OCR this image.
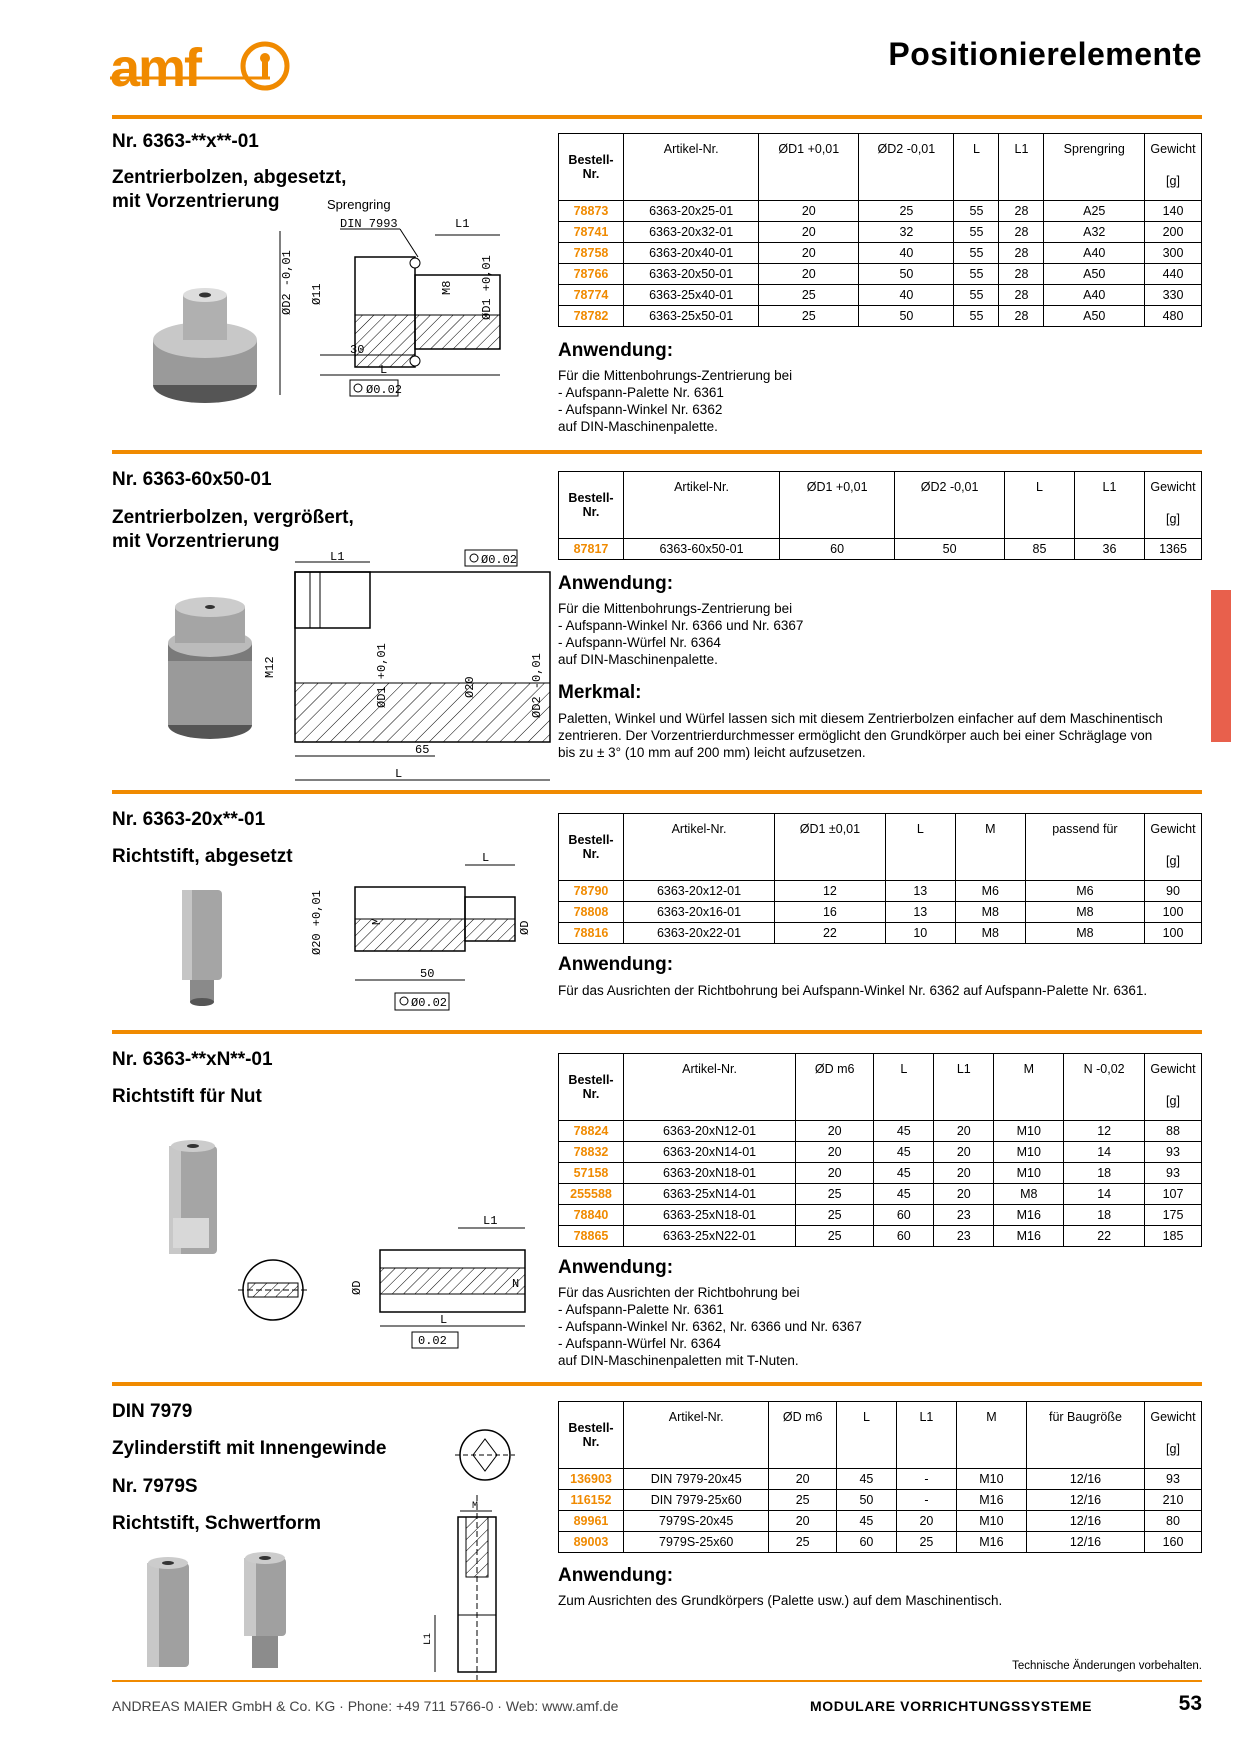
amf	Positionierelemente
Nr. 6363-**x**-01
Zentrierbolzen, abgesetzt,
mit Vorzentrierung	Sprengring
DIN 7993	L1
ØD2 -0,01 Ø11	M8 ØD1 +0,01
30
L
Ø0.02
Bestell-Nr.	Artikel-Nr.	ØD1 +0,01	ØD2 -0,01	L	L1	Sprengring	Gewicht
[g]

78873	6363-20x25-01	20	25	55	28	A25	140
78741	6363-20x32-01	20	32	55	28	A32	200
78758	6363-20x40-01	20	40	55	28	A40	300
78766	6363-20x50-01	20	50	55	28	A50	440
78774	6363-25x40-01	25	40	55	28	A40	330
78782	6363-25x50-01	25	50	55	28	A50	480
Anwendung:
Für die Mittenbohrungs-Zentrierung bei
- Aufspann-Palette Nr. 6361
- Aufspann-Winkel Nr. 6362
auf DIN-Maschinenpalette.
Nr. 6363-60x50-01
Zentrierbolzen, vergrößert,
mit Vorzentrierung
L1	Ø0.02
M12	ØD1 +0,01	Ø20	ØD2 -0,01
65
L
Bestell-Nr.	Artikel-Nr.	ØD1 +0,01	ØD2 -0,01	L	L1	Gewicht
[g]

87817	6363-60x50-01	60	50	85	36	1365
Anwendung:
Für die Mittenbohrungs-Zentrierung bei
- Aufspann-Winkel Nr. 6366 und Nr. 6367
- Aufspann-Würfel Nr. 6364
auf DIN-Maschinenpalette.
Merkmal:
Paletten, Winkel und Würfel lassen sich mit diesem Zentrierbolzen einfacher auf dem Maschinentisch
zentrieren. Der Vorzentrierdurchmesser ermöglicht den Grundkörper auch bei einer Schräglage von
bis zu ± 3° (10 mm auf 200 mm) leicht aufzusetzen.
Nr. 6363-20x**-01
Richtstift, abgesetzt	L
Ø20 +0,01	M	ØD
50
Ø0.02
Bestell-Nr.	Artikel-Nr.	ØD1 ±0,01	L	M	passend für	Gewicht
[g]

78790	6363-20x12-01	12	13	M6	M6	90
78808	6363-20x16-01	16	13	M8	M8	100
78816	6363-20x22-01	22	10	M8	M8	100
Anwendung:
Für das Ausrichten der Richtbohrung bei Aufspann-Winkel Nr. 6362 auf Aufspann-Palette Nr. 6361.
Nr. 6363-**xN**-01
Richtstift für Nut
L1
ØD	N
L
0.02
Bestell-Nr.	Artikel-Nr.	ØD m6	L	L1	M	N -0,02	Gewicht
[g]

78824	6363-20xN12-01	20	45	20	M10	12	88
78832	6363-20xN14-01	20	45	20	M10	14	93
57158	6363-20xN18-01	20	45	20	M10	18	93
255588	6363-25xN14-01	25	45	20	M8	14	107
78840	6363-25xN18-01	25	60	23	M16	18	175
78865	6363-25xN22-01	25	60	23	M16	22	185
Anwendung:
Für das Ausrichten der Richtbohrung bei
- Aufspann-Palette Nr. 6361
- Aufspann-Winkel Nr. 6362, Nr. 6366 und Nr. 6367
- Aufspann-Würfel Nr. 6364
auf DIN-Maschinenpaletten mit T-Nuten.
DIN 7979
Zylinderstift mit Innengewinde
Nr. 7979S
Richtstift, Schwertform
M
L1
Bestell-Nr.	Artikel-Nr.	ØD m6	L	L1	M	für Baugröße	Gewicht
[g]

136903	DIN 7979-20x45	20	45	-	M10	12/16	93
116152	DIN 7979-25x60	25	50	-	M16	12/16	210
89961	7979S-20x45	20	45	20	M10	12/16	80
89003	7979S-25x60	25	60	25	M16	12/16	160
Anwendung:
Zum Ausrichten des Grundkörpers (Palette usw.) auf dem Maschinentisch.
Technische Änderungen vorbehalten.
ANDREAS MAIER GmbH & Co. KG · Phone: +49 711 5766-0 · Web: www.amf.de	MODULARE VORRICHTUNGSSYSTEME	53
